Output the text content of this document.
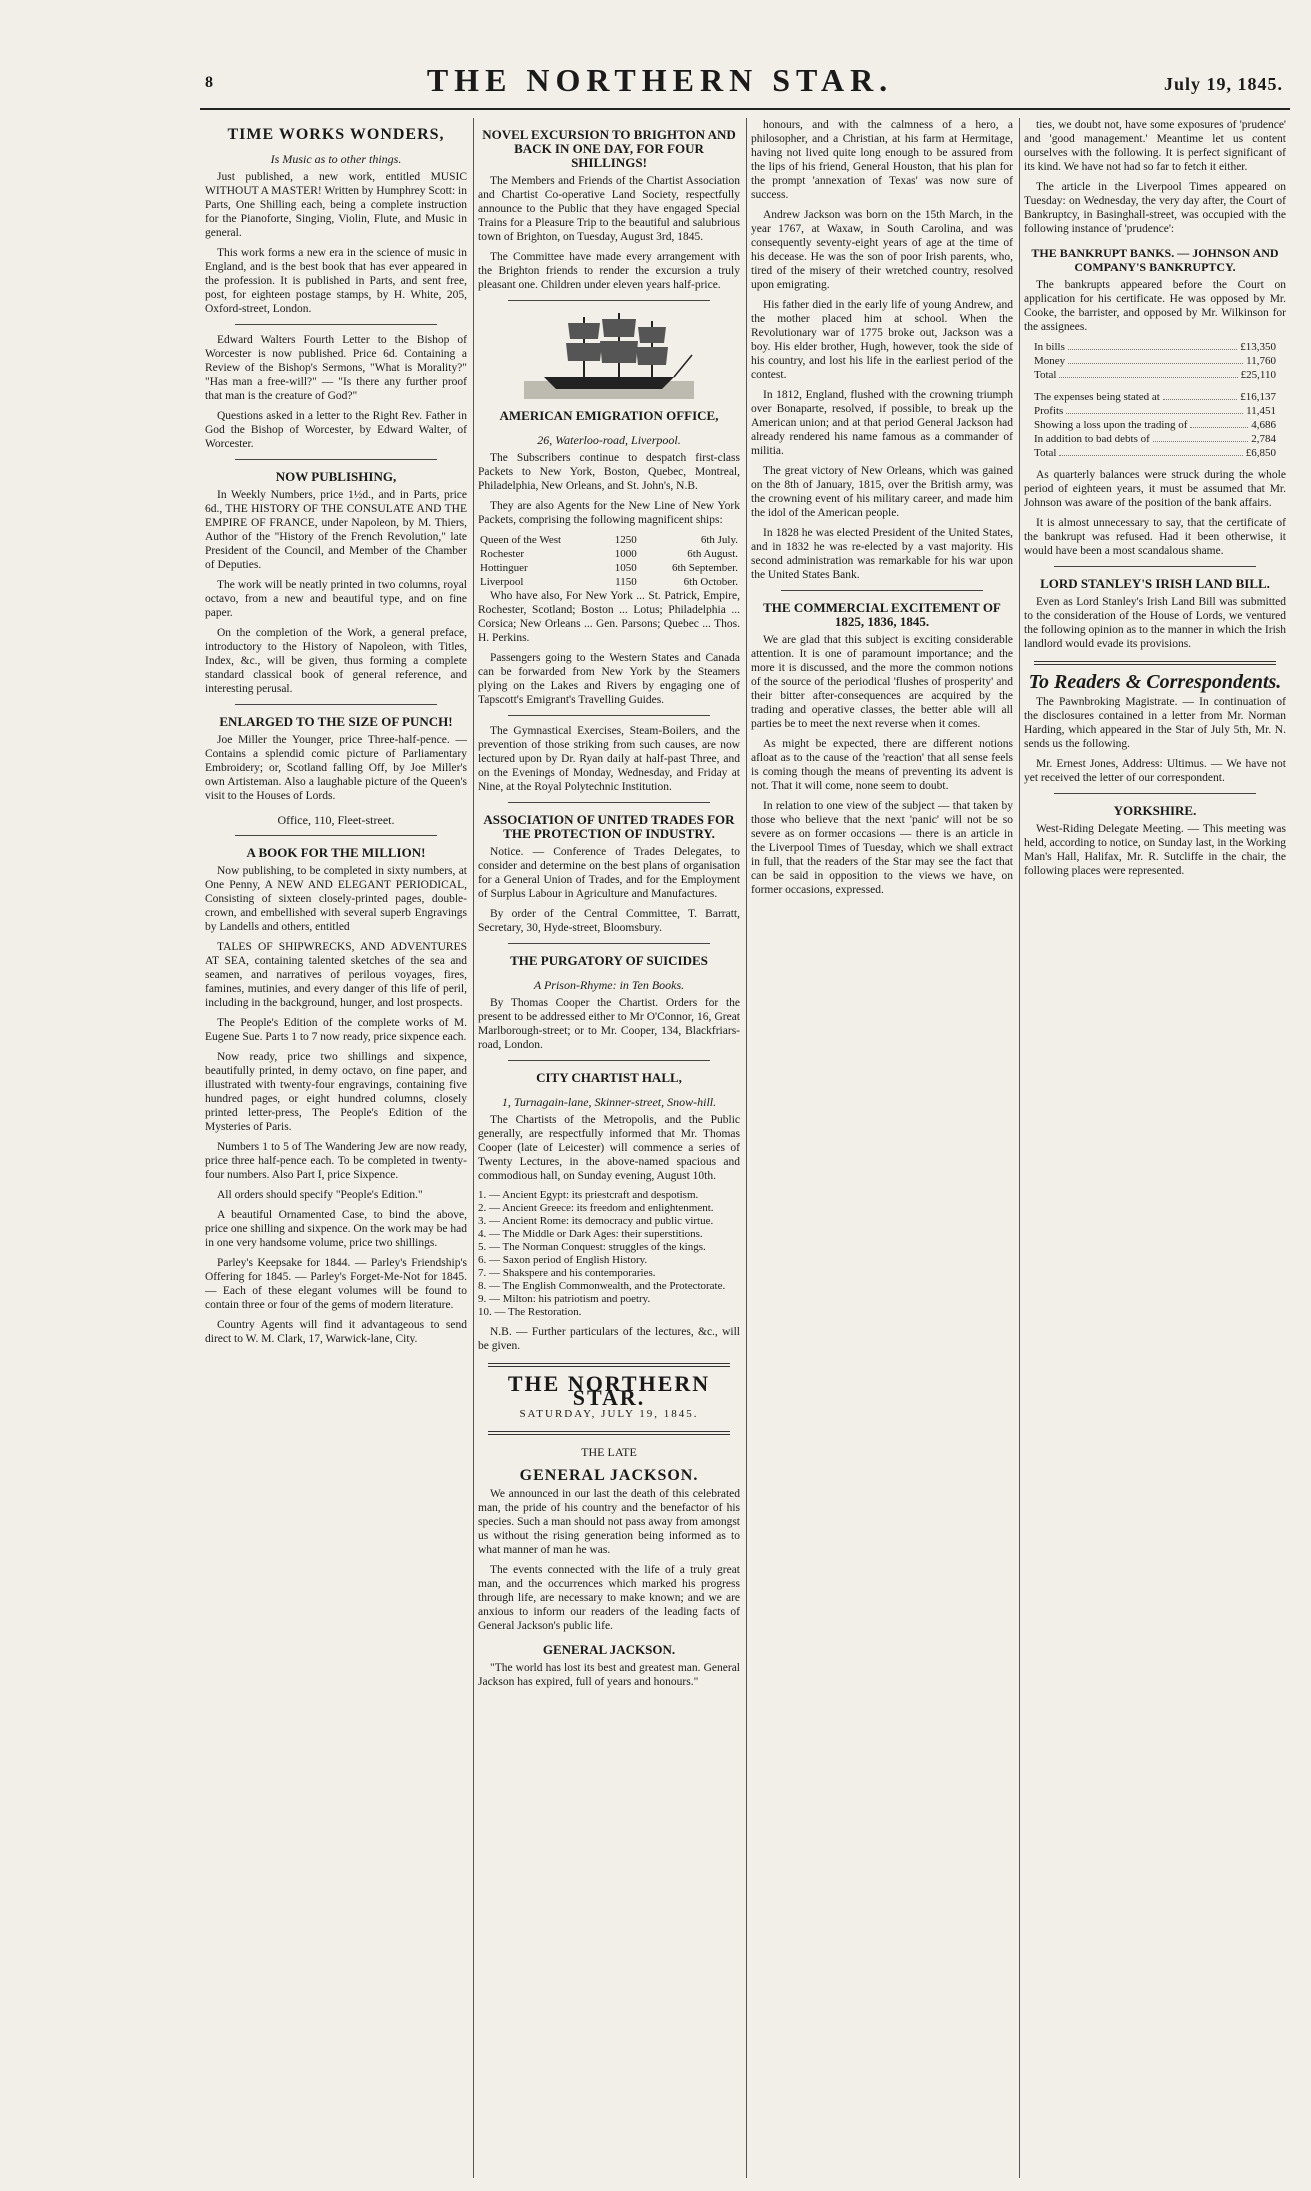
8	THE NORTHERN STAR.	July 19, 1845.
TIME WORKS WONDERS,
Is Music as to other things.

Just published, a new work, entitled MUSIC WITHOUT A MASTER! Written by Humphrey Scott: in Parts, One Shilling each, being a complete instruction for the Pianoforte, Singing, Violin, Flute, and Music in general.

This work forms a new era in the science of music in England, and is the best book that has ever appeared in the profession. It is published in Parts, and sent free, post, for eighteen postage stamps, by H. White, 205, Oxford-street, London.

Edward Walters Fourth Letter to the Bishop of Worcester is now published. Price 6d. Containing a Review of the Bishop's Sermons, "What is Morality?" "Has man a free-will?" — "Is there any further proof that man is the creature of God?"

Questions asked in a letter to the Right Rev. Father in God the Bishop of Worcester, by Edward Walter, of Worcester.

NOW PUBLISHING,

In Weekly Numbers, price 1½d., and in Parts, price 6d., THE HISTORY OF THE CONSULATE AND THE EMPIRE OF FRANCE, under Napoleon, by M. Thiers, Author of the "History of the French Revolution," late President of the Council, and Member of the Chamber of Deputies.

The work will be neatly printed in two columns, royal octavo, from a new and beautiful type, and on fine paper.

On the completion of the Work, a general preface, introductory to the History of Napoleon, with Titles, Index, &c., will be given, thus forming a complete standard classical book of general reference, and interesting perusal.

ENLARGED TO THE SIZE OF PUNCH!

Joe Miller the Younger, price Three-half-pence. — Contains a splendid comic picture of Parliamentary Embroidery; or, Scotland falling Off, by Joe Miller's own Artisteman. Also a laughable picture of the Queen's visit to the Houses of Lords.

Office, 110, Fleet-street.
A BOOK FOR THE MILLION!

Now publishing, to be completed in sixty numbers, at One Penny, A NEW AND ELEGANT PERIODICAL, Consisting of sixteen closely-printed pages, double-crown, and embellished with several superb Engravings by Landells and others, entitled

TALES OF SHIPWRECKS, AND ADVENTURES AT SEA, containing talented sketches of the sea and seamen, and narratives of perilous voyages, fires, famines, mutinies, and every danger of this life of peril, including in the background, hunger, and lost prospects.

The People's Edition of the complete works of M. Eugene Sue. Parts 1 to 7 now ready, price sixpence each.

Now ready, price two shillings and sixpence, beautifully printed, in demy octavo, on fine paper, and illustrated with twenty-four engravings, containing five hundred pages, or eight hundred columns, closely printed letter-press, The People's Edition of the Mysteries of Paris.

Numbers 1 to 5 of The Wandering Jew are now ready, price three half-pence each. To be completed in twenty-four numbers. Also Part I, price Sixpence.

All orders should specify "People's Edition."

A beautiful Ornamented Case, to bind the above, price one shilling and sixpence. On the work may be had in one very handsome volume, price two shillings.

Parley's Keepsake for 1844. — Parley's Friendship's Offering for 1845. — Parley's Forget-Me-Not for 1845. — Each of these elegant volumes will be found to contain three or four of the gems of modern literature.

Country Agents will find it advantageous to send direct to W. M. Clark, 17, Warwick-lane, City.

NOVEL EXCURSION TO BRIGHTON AND BACK IN ONE DAY, FOR FOUR SHILLINGS!

The Members and Friends of the Chartist Association and Chartist Co-operative Land Society, respectfully announce to the Public that they have engaged Special Trains for a Pleasure Trip to the beautiful and salubrious town of Brighton, on Tuesday, August 3rd, 1845.

The Committee have made every arrangement with the Brighton friends to render the excursion a truly pleasant one. Children under eleven years half-price.

AMERICAN EMIGRATION OFFICE,
26, Waterloo-road, Liverpool.

The Subscribers continue to despatch first-class Packets to New York, Boston, Quebec, Montreal, Philadelphia, New Orleans, and St. John's, N.B.

They are also Agents for the New Line of New York Packets, comprising the following magnificent ships:

Queen of the West	1250	6th July.
Rochester	1000	6th August.
Hottinguer	1050	6th September.
Liverpool	1150	6th October.

Who have also, For New York ... St. Patrick, Empire, Rochester, Scotland; Boston ... Lotus; Philadelphia ... Corsica; New Orleans ... Gen. Parsons; Quebec ... Thos. H. Perkins.

Passengers going to the Western States and Canada can be forwarded from New York by the Steamers plying on the Lakes and Rivers by engaging one of Tapscott's Emigrant's Travelling Guides.

The Gymnastical Exercises, Steam-Boilers, and the prevention of those striking from such causes, are now lectured upon by Dr. Ryan daily at half-past Three, and on the Evenings of Monday, Wednesday, and Friday at Nine, at the Royal Polytechnic Institution.

ASSOCIATION OF UNITED TRADES FOR THE PROTECTION OF INDUSTRY.

Notice. — Conference of Trades Delegates, to consider and determine on the best plans of organisation for a General Union of Trades, and for the Employment of Surplus Labour in Agriculture and Manufactures.

By order of the Central Committee, T. Barratt, Secretary, 30, Hyde-street, Bloomsbury.

THE PURGATORY OF SUICIDES
A Prison-Rhyme: in Ten Books.

By Thomas Cooper the Chartist. Orders for the present to be addressed either to Mr O'Connor, 16, Great Marlborough-street; or to Mr. Cooper, 134, Blackfriars-road, London.

CITY CHARTIST HALL,
1, Turnagain-lane, Skinner-street, Snow-hill.

The Chartists of the Metropolis, and the Public generally, are respectfully informed that Mr. Thomas Cooper (late of Leicester) will commence a series of Twenty Lectures, in the above-named spacious and commodious hall, on Sunday evening, August 10th.

1. — Ancient Egypt: its priestcraft and despotism.
2. — Ancient Greece: its freedom and enlightenment.
3. — Ancient Rome: its democracy and public virtue.
4. — The Middle or Dark Ages: their superstitions.
5. — The Norman Conquest: struggles of the kings.
6. — Saxon period of English History.
7. — Shakspere and his contemporaries.
8. — The English Commonwealth, and the Protectorate.
9. — Milton: his patriotism and poetry.
10. — The Restoration.

N.B. — Further particulars of the lectures, &c., will be given.

THE NORTHERN STAR.
SATURDAY, JULY 19, 1845.
THE LATE
GENERAL JACKSON.

We announced in our last the death of this celebrated man, the pride of his country and the benefactor of his species. Such a man should not pass away from amongst us without the rising generation being informed as to what manner of man he was.

The events connected with the life of a truly great man, and the occurrences which marked his progress through life, are necessary to make known; and we are anxious to inform our readers of the leading facts of General Jackson's public life.

GENERAL JACKSON.

"The world has lost its best and greatest man. General Jackson has expired, full of years and honours."

honours, and with the calmness of a hero, a philosopher, and a Christian, at his farm at Hermitage, having not lived quite long enough to be assured from the lips of his friend, General Houston, that his plan for the prompt 'annexation of Texas' was now sure of success.

Andrew Jackson was born on the 15th March, in the year 1767, at Waxaw, in South Carolina, and was consequently seventy-eight years of age at the time of his decease. He was the son of poor Irish parents, who, tired of the misery of their wretched country, resolved upon emigrating.

His father died in the early life of young Andrew, and the mother placed him at school. When the Revolutionary war of 1775 broke out, Jackson was a boy. His elder brother, Hugh, however, took the side of his country, and lost his life in the earliest period of the contest.

In 1812, England, flushed with the crowning triumph over Bonaparte, resolved, if possible, to break up the American union; and at that period General Jackson had already rendered his name famous as a commander of militia.

The great victory of New Orleans, which was gained on the 8th of January, 1815, over the British army, was the crowning event of his military career, and made him the idol of the American people.

In 1828 he was elected President of the United States, and in 1832 he was re-elected by a vast majority. His second administration was remarkable for his war upon the United States Bank.

THE COMMERCIAL EXCITEMENT OF 1825, 1836, 1845.

We are glad that this subject is exciting considerable attention. It is one of paramount importance; and the more it is discussed, and the more the common notions of the source of the periodical 'flushes of prosperity' and their bitter after-consequences are acquired by the trading and operative classes, the better able will all parties be to meet the next reverse when it comes.

As might be expected, there are different notions afloat as to the cause of the 'reaction' that all sense feels is coming though the means of preventing its advent is not. That it will come, none seem to doubt.

In relation to one view of the subject — that taken by those who believe that the next 'panic' will not be so severe as on former occasions — there is an article in the Liverpool Times of Tuesday, which we shall extract in full, that the readers of the Star may see the fact that can be said in opposition to the views we have, on former occasions, expressed.

ties, we doubt not, have some exposures of 'prudence' and 'good management.' Meantime let us content ourselves with the following. It is perfect significant of its kind. We have not had so far to fetch it either.

The article in the Liverpool Times appeared on Tuesday: on Wednesday, the very day after, the Court of Bankruptcy, in Basinghall-street, was occupied with the following instance of 'prudence':

THE BANKRUPT BANKS. — JOHNSON AND COMPANY'S BANKRUPTCY.

The bankrupts appeared before the Court on application for his certificate. He was opposed by Mr. Cooke, the barrister, and opposed by Mr. Wilkinson for the assignees.

In bills	£13,350
Money	11,760
Total	£25,110
The expenses being stated at	£16,137
Profits	11,451
Showing a loss upon the trading of	4,686
In addition to bad debts of	2,784
Total	£6,850

As quarterly balances were struck during the whole period of eighteen years, it must be assumed that Mr. Johnson was aware of the position of the bank affairs.

It is almost unnecessary to say, that the certificate of the bankrupt was refused. Had it been otherwise, it would have been a most scandalous shame.

LORD STANLEY'S IRISH LAND BILL.

Even as Lord Stanley's Irish Land Bill was submitted to the consideration of the House of Lords, we ventured the following opinion as to the manner in which the Irish landlord would evade its provisions.

To Readers & Correspondents.

The Pawnbroking Magistrate. — In continuation of the disclosures contained in a letter from Mr. Norman Harding, which appeared in the Star of July 5th, Mr. N. sends us the following.

Mr. Ernest Jones, Address: Ultimus. — We have not yet received the letter of our correspondent.

YORKSHIRE.

West-Riding Delegate Meeting. — This meeting was held, according to notice, on Sunday last, in the Working Man's Hall, Halifax, Mr. R. Sutcliffe in the chair, the following places were represented.
